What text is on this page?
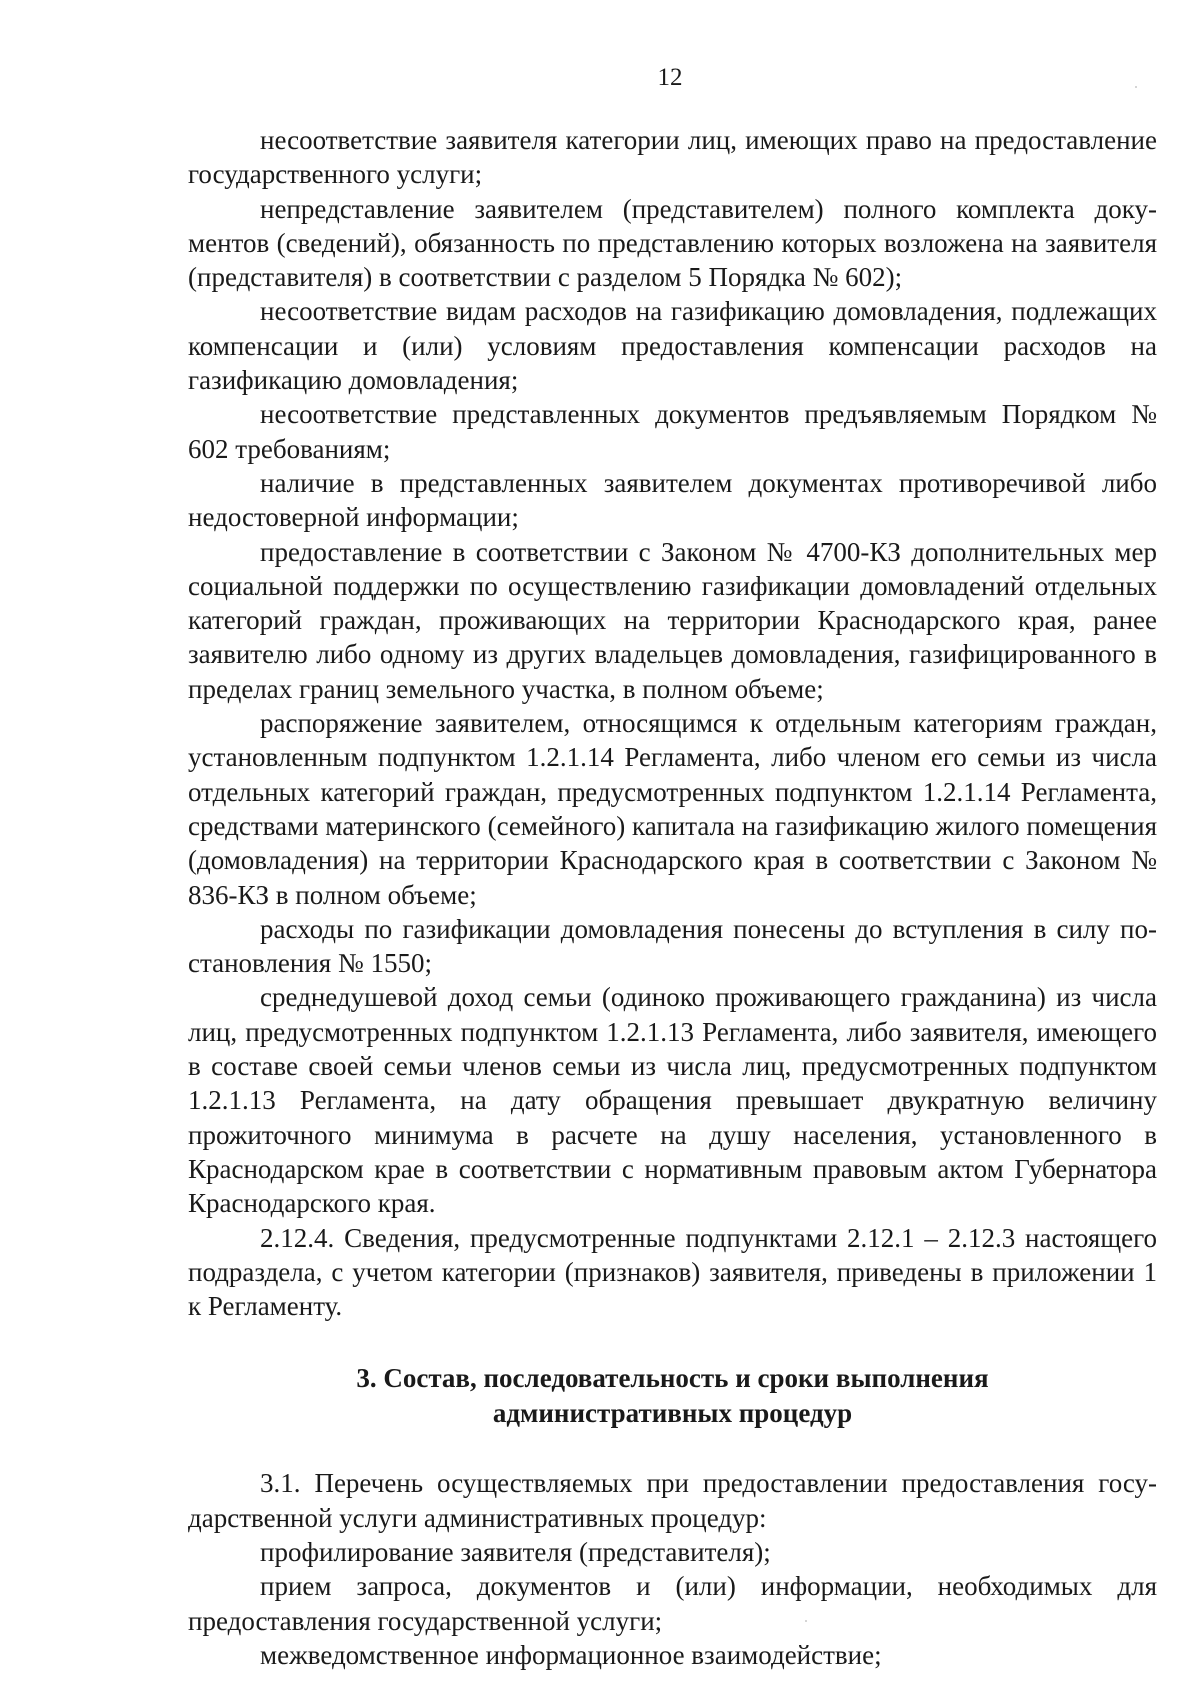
12

несоответствие заявителя категории лиц, имеющих право на предоставление государственного услуги;

непредставление заявителем (представителем) полного комплекта документов (сведений), обязанность по представлению которых возложена на заявителя (представителя) в соответствии с разделом 5 Порядка № 602);

несоответствие видам расходов на газификацию домовладения, подлежащих компенсации и (или) условиям предоставления компенсации расходов на газификацию домовладения;

несоответствие представленных документов предъявляемым Порядком № 602 требованиям;

наличие в представленных заявителем документах противоречивой либо недостоверной информации;

предоставление в соответствии с Законом № 4700-КЗ дополнительных мер социальной поддержки по осуществлению газификации домовладений отдельных категорий граждан, проживающих на территории Краснодарского края, ранее заявителю либо одному из других владельцев домовладения, газифицированного в пределах границ земельного участка, в полном объеме;

распоряжение заявителем, относящимся к отдельным категориям граждан, установленным подпунктом 1.2.1.14 Регламента, либо членом его семьи из числа отдельных категорий граждан, предусмотренных подпунктом 1.2.1.14 Регламента, средствами материнского (семейного) капитала на газификацию жилого помещения (домовладения) на территории Краснодарского края в соответствии с Законом № 836-КЗ в полном объеме;

расходы по газификации домовладения понесены до вступления в силу постановления № 1550;

среднедушевой доход семьи (одиноко проживающего гражданина) из числа лиц, предусмотренных подпунктом 1.2.1.13 Регламента, либо заявителя, имеющего в составе своей семьи членов семьи из числа лиц, предусмотренных подпунктом 1.2.1.13 Регламента, на дату обращения превышает двукратную величину прожиточного минимума в расчете на душу населения, установленного в Краснодарском крае в соответствии с нормативным правовым актом Губернатора Краснодарского края.

2.12.4. Сведения, предусмотренные подпунктами 2.12.1 – 2.12.3 настоящего подраздела, с учетом категории (признаков) заявителя, приведены в приложении 1 к Регламенту.

3. Состав, последовательность и сроки выполнения
административных процедур

3.1. Перечень осуществляемых при предоставлении предоставления государственной услуги административных процедур:

профилирование заявителя (представителя);

прием запроса, документов и (или) информации, необходимых для предоставления государственной услуги;

межведомственное информационное взаимодействие;
